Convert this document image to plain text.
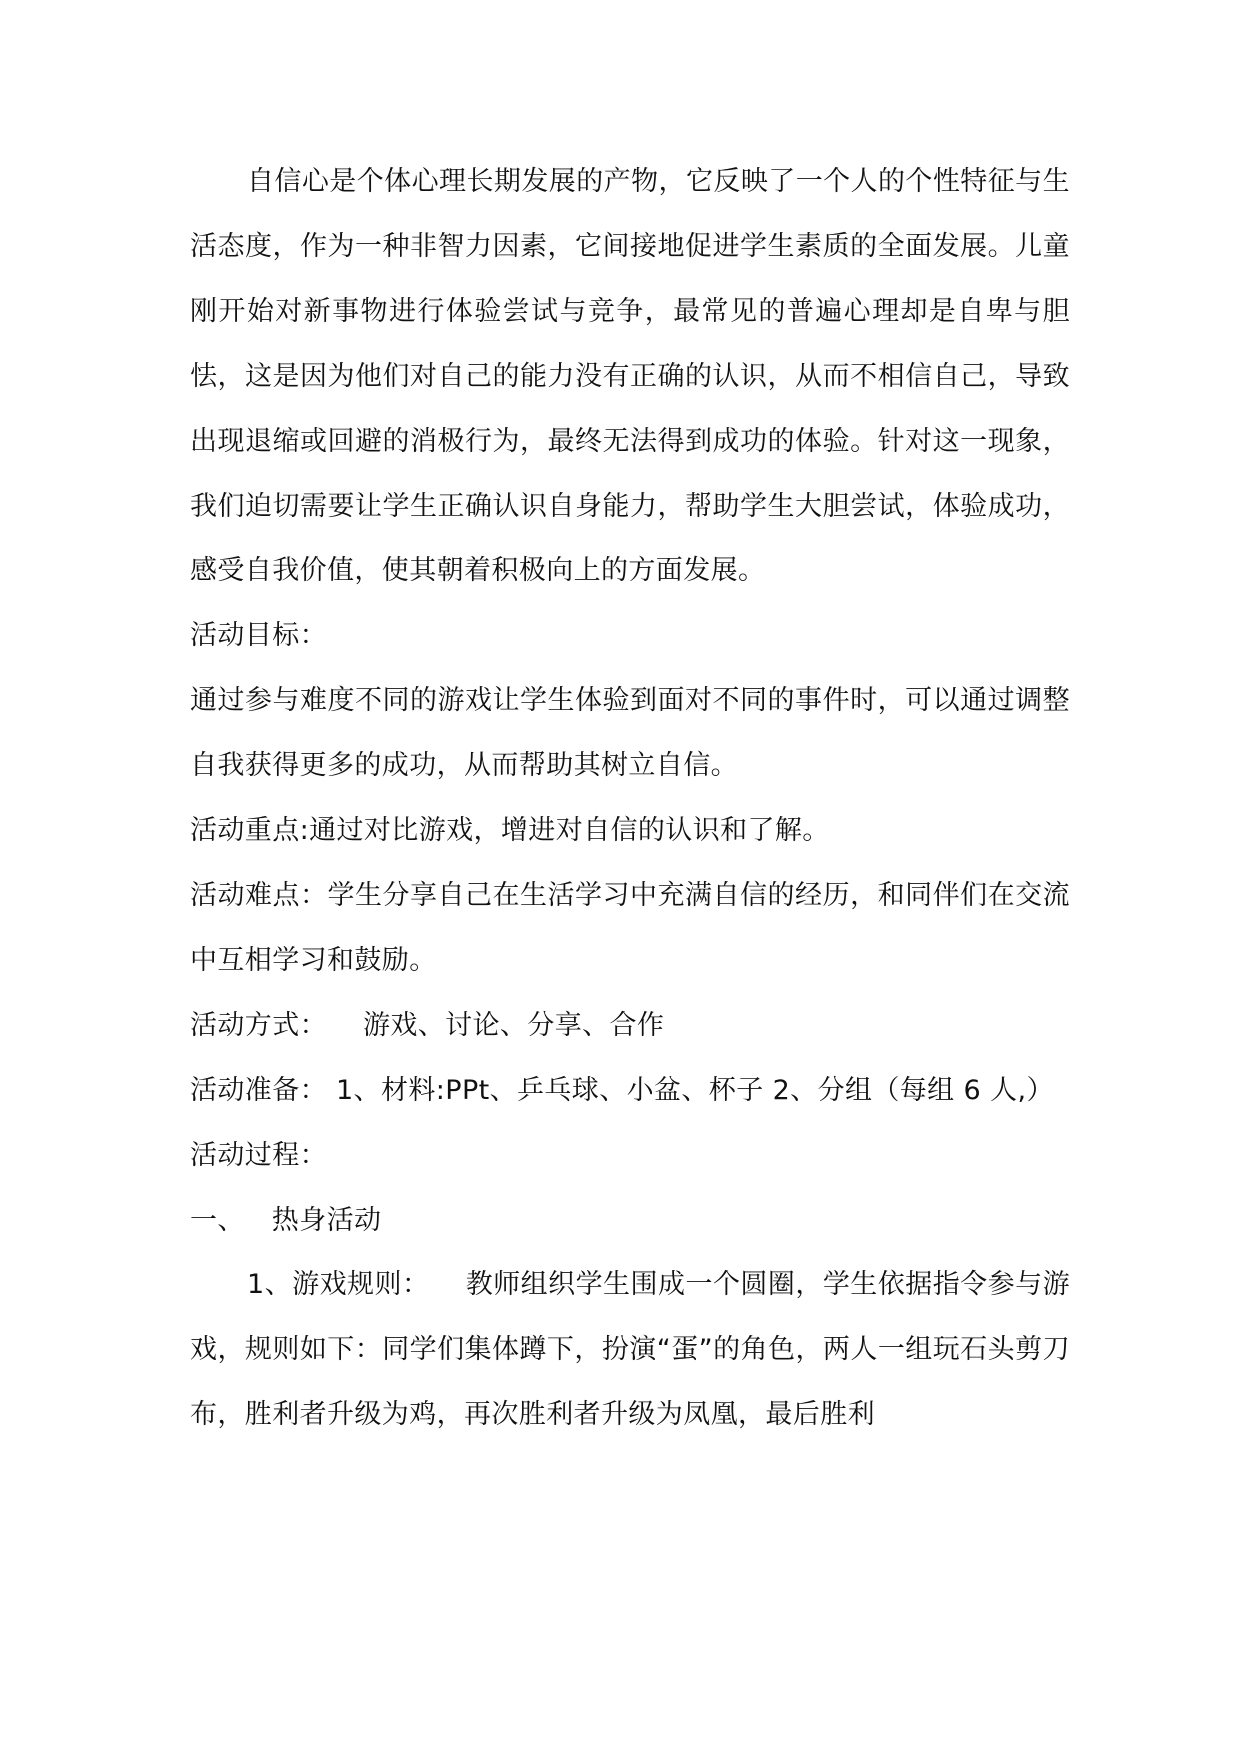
自信心是个体心理长期发展的产物，它反映了一个人的个性特征与生活态度，作为一种非智力因素，它间接地促进学生素质的全面发展。儿童刚开始对新事物进行体验尝试与竞争，最常见的普遍心理却是自卑与胆怯，这是因为他们对自己的能力没有正确的认识，从而不相信自己，导致出现退缩或回避的消极行为，最终无法得到成功的体验。针对这一现象，我们迫切需要让学生正确认识自身能力，帮助学生大胆尝试，体验成功，感受自我价值，使其朝着积极向上的方面发展。

活动目标：

通过参与难度不同的游戏让学生体验到面对不同的事件时，可以通过调整自我获得更多的成功，从而帮助其树立自信。

活动重点:通过对比游戏，增进对自信的认识和了解。

活动难点：学生分享自己在生活学习中充满自信的经历，和同伴们在交流中互相学习和鼓励。

活动方式： 游戏、讨论、分享、合作

活动准备： 1、材料:PPt、乒乓球、小盆、杯子 2、分组（每组 6 人,）

活动过程：

一、 热身活动

1、游戏规则： 教师组织学生围成一个圆圈，学生依据指令参与游戏，规则如下：同学们集体蹲下，扮演“蛋”的角色，两人一组玩石头剪刀布，胜利者升级为鸡，再次胜利者升级为凤凰，最后胜利
